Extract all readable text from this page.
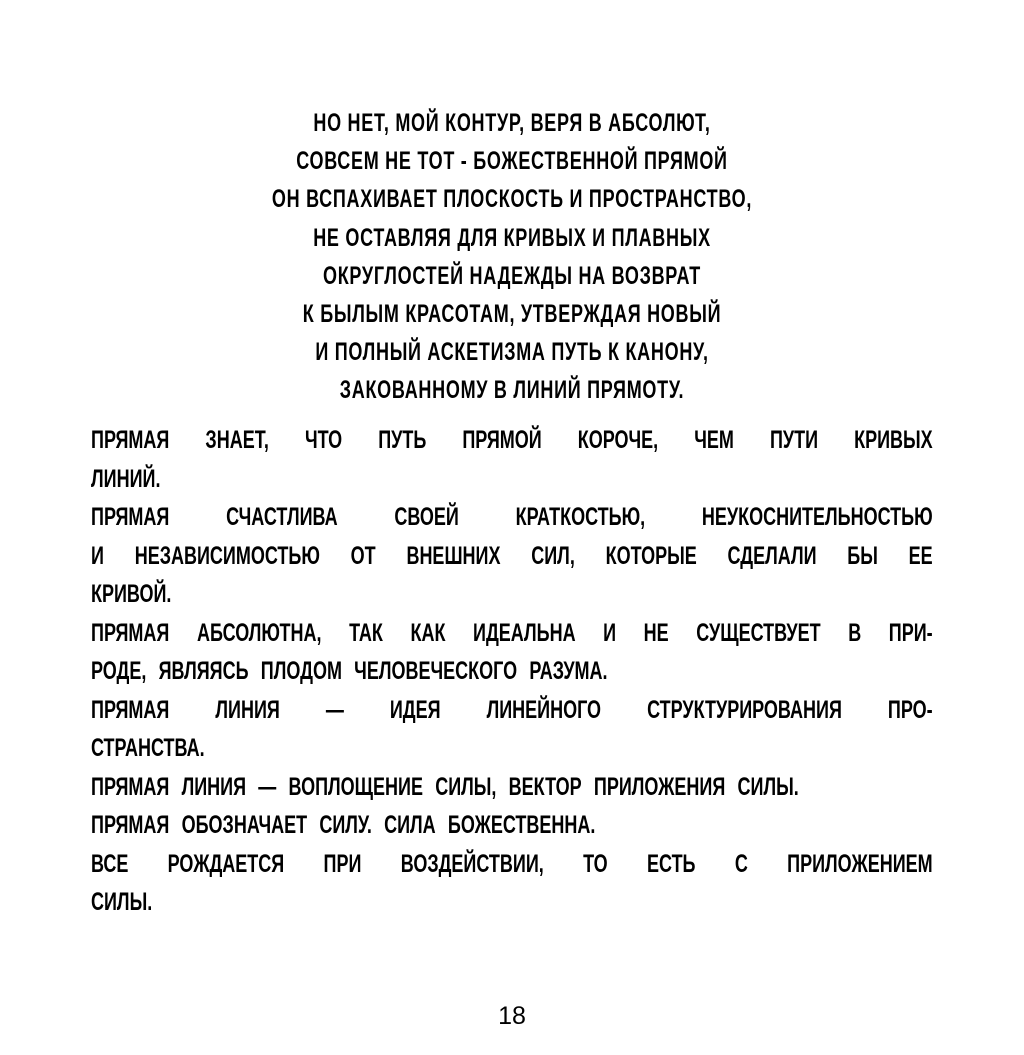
НО НЕТ, МОЙ КОНТУР, ВЕРЯ В АБСОЛЮТ,
СОВСЕМ НЕ ТОТ - БОЖЕСТВЕННОЙ ПРЯМОЙ
ОН ВСПАХИВАЕТ ПЛОСКОСТЬ И ПРОСТРАНСТВО,
НЕ ОСТАВЛЯЯ ДЛЯ КРИВЫХ И ПЛАВНЫХ
ОКРУГЛОСТЕЙ НАДЕЖДЫ НА ВОЗВРАТ
К БЫЛЫМ КРАСОТАМ, УТВЕРЖДАЯ НОВЫЙ
И ПОЛНЫЙ АСКЕТИЗМА ПУТЬ К КАНОНУ,
ЗАКОВАННОМУ В ЛИНИЙ ПРЯМОТУ.
ПРЯМАЯ ЗНАЕТ, ЧТО ПУТЬ ПРЯМОЙ КОРОЧЕ, ЧЕМ ПУТИ КРИВЫХ
ЛИНИЙ.
ПРЯМАЯ СЧАСТЛИВА СВОЕЙ КРАТКОСТЬЮ, НЕУКОСНИТЕЛЬНОСТЬЮ
И НЕЗАВИСИМОСТЬЮ ОТ ВНЕШНИХ СИЛ, КОТОРЫЕ СДЕЛАЛИ БЫ ЕЕ
КРИВОЙ.
ПРЯМАЯ АБСОЛЮТНА, ТАК КАК ИДЕАЛЬНА И НЕ СУЩЕСТВУЕТ В ПРИ-
РОДЕ, ЯВЛЯЯСЬ ПЛОДОМ ЧЕЛОВЕЧЕСКОГО РАЗУМА.
ПРЯМАЯ ЛИНИЯ — ИДЕЯ ЛИНЕЙНОГО СТРУКТУРИРОВАНИЯ ПРО-
СТРАНСТВА.
ПРЯМАЯ ЛИНИЯ — ВОПЛОЩЕНИЕ СИЛЫ, ВЕКТОР ПРИЛОЖЕНИЯ СИЛЫ.
ПРЯМАЯ ОБОЗНАЧАЕТ СИЛУ. СИЛА БОЖЕСТВЕННА.
ВСЕ РОЖДАЕТСЯ ПРИ ВОЗДЕЙСТВИИ, ТО ЕСТЬ С ПРИЛОЖЕНИЕМ
СИЛЫ.
18
